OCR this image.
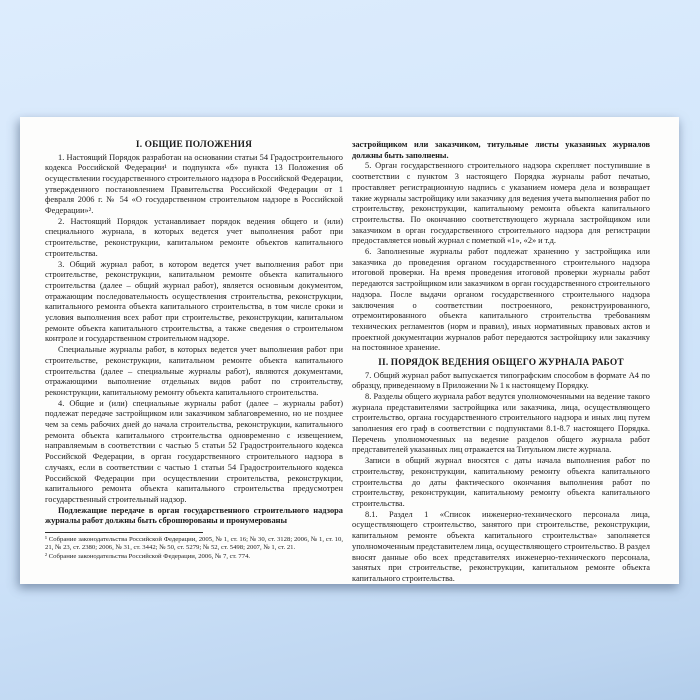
I. ОБЩИЕ ПОЛОЖЕНИЯ

1. Настоящий Порядок разработан на основании статьи 54 Градостроительного кодекса Российской Федерации¹ и подпункта «б» пункта 13 Положения об осуществлении государственного строительного надзора в Российской Федерации, утвержденного постановлением Правительства Российской Федерации от 1 февраля 2006 г. № 54 «О государственном строительном надзоре в Российской Федерации»².

2. Настоящий Порядок устанавливает порядок ведения общего и (или) специального журнала, в которых ведется учет выполнения работ при строительстве, реконструкции, капитальном ремонте объектов капитального строительства.

3. Общий журнал работ, в котором ведется учет выполнения работ при строительстве, реконструкции, капитальном ремонте объекта капитального строительства (далее – общий журнал работ), является основным документом, отражающим последовательность осуществления строительства, реконструкции, капитального ремонта объекта капитального строительства, в том числе сроки и условия выполнения всех работ при строительстве, реконструкции, капитальном ремонте объекта капитального строительства, а также сведения о строительном контроле и государственном строительном надзоре.

Специальные журналы работ, в которых ведется учет выполнения работ при строительстве, реконструкции, капитальном ремонте объекта капитального строительства (далее – специальные журналы работ), являются документами, отражающими выполнение отдельных видов работ по строительству, реконструкции, капитальному ремонту объекта капитального строительства.

4. Общие и (или) специальные журналы работ (далее – журналы работ) подлежат передаче застройщиком или заказчиком заблаговременно, но не позднее чем за семь рабочих дней до начала строительства, реконструкции, капитального ремонта объекта капитального строительства одновременно с извещением, направляемым в соответствии с частью 5 статьи 52 Градостроительного кодекса Российской Федерации, в орган государственного строительного надзора в случаях, если в соответствии с частью 1 статьи 54 Градостроительного кодекса Российской Федерации при осуществлении строительства, реконструкции, капитального ремонта объекта капитального строительства предусмотрен государственный строительный надзор.

Подлежащие передаче в орган государственного строительного надзора журналы работ должны быть сброшюрованы и пронумерованы

¹ Собрание законодательства Российской Федерации, 2005, № 1, ст. 16; № 30, ст. 3128; 2006, № 1, ст. 10, 21, № 23, ст. 2380; 2006, № 31, ст. 3442; № 50, ст. 5279; № 52, ст. 5498; 2007, № 1, ст. 21.

² Собрание законодательства Российской Федерации, 2006, № 7, ст. 774.

застройщиком или заказчиком, титульные листы указанных журналов должны быть заполнены.

5. Орган государственного строительного надзора скрепляет поступившие в соответствии с пунктом 3 настоящего Порядка журналы работ печатью, проставляет регистрационную надпись с указанием номера дела и возвращает такие журналы застройщику или заказчику для ведения учета выполнения работ по строительству, реконструкции, капитальному ремонта объекта капитального строительства. По окончанию соответствующего журнала застройщиком или заказчиком в орган государственного строительного надзора для регистрации предоставляется новый журнал с пометкой «1», «2» и т.д.

6. Заполненные журналы работ подлежат хранению у застройщика или заказчика до проведения органом государственного строительного надзора итоговой проверки. На время проведения итоговой проверки журналы работ передаются застройщиком или заказчиком в орган государственного строительного надзора. После выдачи органом государственного строительного надзора заключения о соответствии построенного, реконструированного, отремонтированного объекта капитального строительства требованиям технических регламентов (норм и правил), иных нормативных правовых актов и проектной документации журналов работ передаются застройщику или заказчику на постоянное хранение.

II. ПОРЯДОК ВЕДЕНИЯ ОБЩЕГО ЖУРНАЛА РАБОТ

7. Общий журнал работ выпускается типографским способом в формате А4 по образцу, приведенному в Приложении № 1 к настоящему Порядку.

8. Разделы общего журнала работ ведутся уполномоченными на ведение такого журнала представителями застройщика или заказчика, лица, осуществляющего строительство, органа государственного строительного надзора и иных лиц путем заполнения его граф в соответствии с подпунктами 8.1-8.7 настоящего Порядка. Перечень уполномоченных на ведение разделов общего журнала работ представителей указанных лиц отражается на Титульном листе журнала.

Записи в общий журнал вносятся с даты начала выполнения работ по строительству, реконструкции, капитальному ремонту объекта капитального строительства до даты фактического окончания выполнения работ по строительству, реконструкции, капитальному ремонту объекта капитального строительства.

8.1. Раздел 1 «Список инженерно-технического персонала лица, осуществляющего строительство, занятого при строительстве, реконструкции, капитальном ремонте объекта капитального строительства» заполняется уполномоченным представителем лица, осуществляющего строительство. В раздел вносят данные обо всех представителях инженерно-технического персонала, занятых при строительстве, реконструкции, капитальном ремонте объекта капитального строительства.
